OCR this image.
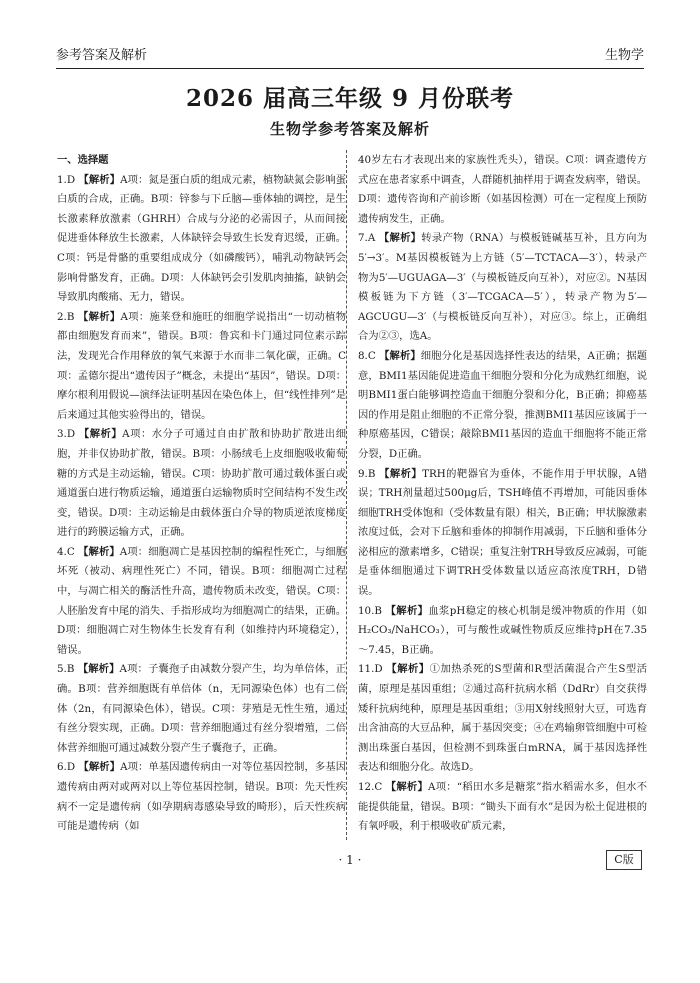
参考答案及解析	生物学
2026 届高三年级 9 月份联考
生物学参考答案及解析
一、选择题

1.D 【解析】A项：氮是蛋白质的组成元素，植物缺氮会影响蛋白质的合成，正确。B项：锌参与下丘脑—垂体轴的调控，是生长激素释放激素（GHRH）合成与分泌的必需因子，从而间接促进垂体释放生长激素，人体缺锌会导致生长发育迟缓，正确。C项：钙是骨骼的重要组成成分（如磷酸钙），哺乳动物缺钙会影响骨骼发育，正确。D项：人体缺钙会引发肌肉抽搐，缺钠会导致肌肉酸痛、无力，错误。

2.B 【解析】A项：施莱登和施旺的细胞学说指出“一切动植物都由细胞发育而来”，错误。B项：鲁宾和卡门通过同位素示踪法，发现光合作用释放的氧气来源于水而非二氧化碳，正确。C项：孟德尔提出“遗传因子”概念，未提出“基因”，错误。D项：摩尔根利用假说—演绎法证明基因在染色体上，但“线性排列”是后来通过其他实验得出的，错误。

3.D 【解析】A项：水分子可通过自由扩散和协助扩散进出细胞，并非仅协助扩散，错误。B项：小肠绒毛上皮细胞吸收葡萄糖的方式是主动运输，错误。C项：协助扩散可通过载体蛋白或通道蛋白进行物质运输，通道蛋白运输物质时空间结构不发生改变，错误。D项：主动运输是由载体蛋白介导的物质逆浓度梯度进行的跨膜运输方式，正确。

4.C 【解析】A项：细胞凋亡是基因控制的编程性死亡，与细胞坏死（被动、病理性死亡）不同，错误。B项：细胞凋亡过程中，与凋亡相关的酶活性升高，遗传物质未改变，错误。C项：人胚胎发育中尾的消失、手指形成均为细胞凋亡的结果，正确。D项：细胞凋亡对生物体生长发育有利（如维持内环境稳定），错误。

5.B 【解析】A项：子囊孢子由减数分裂产生，均为单倍体，正确。B项：营养细胞既有单倍体（n，无同源染色体）也有二倍体（2n，有同源染色体），错误。C项：芽殖是无性生殖，通过有丝分裂实现，正确。D项：营养细胞通过有丝分裂增殖，二倍体营养细胞可通过减数分裂产生子囊孢子，正确。

6.D 【解析】A项：单基因遗传病由一对等位基因控制，多基因遗传病由两对或两对以上等位基因控制，错误。B项：先天性疾病不一定是遗传病（如孕期病毒感染导致的畸形），后天性疾病可能是遗传病（如

40岁左右才表现出来的家族性秃头），错误。C项：调查遗传方式应在患者家系中调查，人群随机抽样用于调查发病率，错误。D项：遗传咨询和产前诊断（如基因检测）可在一定程度上预防遗传病发生，正确。

7.A 【解析】转录产物（RNA）与模板链碱基互补，且方向为5′→3′。M基因模板链为上方链（5′—TCTACA—3′），转录产物为5′—UGUAGA—3′（与模板链反向互补），对应②。N基因模板链为下方链（3′—TCGACA—5′），转录产物为5′—AGCUGU—3′（与模板链反向互补），对应③。综上，正确组合为②③，选A。

8.C 【解析】细胞分化是基因选择性表达的结果，A正确；据题意，BMI1基因能促进造血干细胞分裂和分化为成熟红细胞，说明BMI1蛋白能够调控造血干细胞分裂和分化，B正确；抑癌基因的作用是阻止细胞的不正常分裂，推测BMI1基因应该属于一种原癌基因，C错误；敲除BMI1基因的造血干细胞将不能正常分裂，D正确。

9.B 【解析】TRH的靶器官为垂体，不能作用于甲状腺，A错误；TRH剂量超过500μg后，TSH峰值不再增加，可能因垂体细胞TRH受体饱和（受体数量有限）相关，B正确；甲状腺激素浓度过低，会对下丘脑和垂体的抑制作用减弱，下丘脑和垂体分泌相应的激素增多，C错误；重复注射TRH导致反应减弱，可能是垂体细胞通过下调TRH受体数量以适应高浓度TRH，D错误。

10.B 【解析】血浆pH稳定的核心机制是缓冲物质的作用（如H₂CO₃/NaHCO₃），可与酸性或碱性物质反应维持pH在7.35～7.45，B正确。

11.D 【解析】①加热杀死的S型菌和R型活菌混合产生S型活菌，原理是基因重组；②通过高秆抗病水稻（DdRr）自交获得矮秆抗病纯种，原理是基因重组；③用X射线照射大豆，可选育出含油高的大豆品种，属于基因突变；④在鸡输卵管细胞中可检测出珠蛋白基因，但检测不到珠蛋白mRNA，属于基因选择性表达和细胞分化。故选D。

12.C 【解析】A项：“稻田水多是糖浆”指水稻需水多，但水不能提供能量，错误。B项：“锄头下面有水”是因为松土促进根的有氧呼吸，利于根吸收矿质元素，

· 1 ·	C版
